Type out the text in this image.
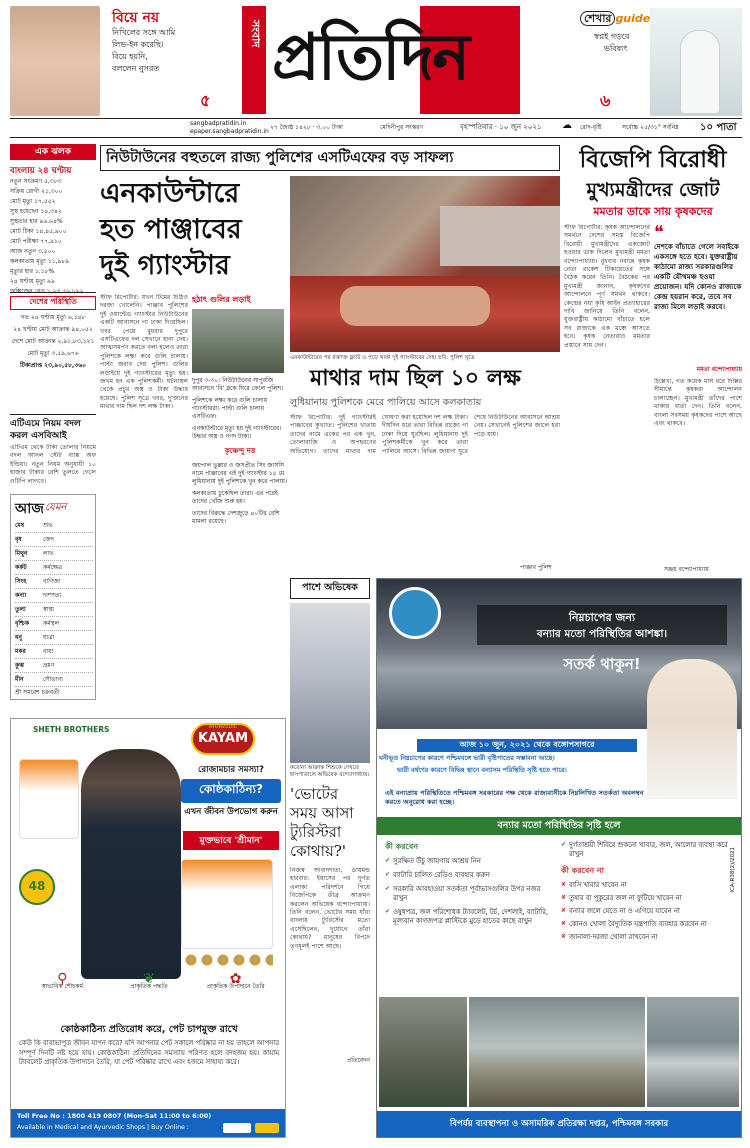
বিয়ে নয়
নিখিলের সঙ্গে আমি
লিভ-ইন করেছি।
বিয়ে হয়নি,
বললেন নুসরত
৫
সংবাদ প্রতিদিন
শেখার guide
স্বপ্নই গড়বে
ভবিষ্যৎ
৬
sangbadpratidin.in
epaper.sangbadpratidin.in
২৭ জ্যৈষ্ঠ ১৪২৮ · ৩.০০ টাকা	মেদিনীপুর সংস্করণ	বৃহস্পতিবার · ১০ জুন ২০২১ ☁ রোদ-বৃষ্টি	সর্বোচ্চ ২৫/৩১° সর্বনিম্ন ১০ পাতা
এক ঝলক
বাংলায় ২৪ ঘণ্টায়
নতুন সংক্রমণ ৫,৩৮৩
সক্রিয় রোগী ২১,৩০০
মোট মৃত্যু ১৭,৫৫২
সুস্থ হয়েছেন ১৪,৩৪২
সুস্থতার হার ৯৬.৬৪%
মোট টিকা ১৪,৪৫,৯০০
মোট পরীক্ষা ৭৭,৯১০
আজ নতুন ৩,৫০০
কলকাতায় মৃত্যু ১১,৯৮৯
মৃত্যুর হার ১.১৮%
২৪ ঘণ্টায় মৃত্যু ৯৯
দেশের পরিস্থিতি
গত ২৪ ঘণ্টায় মৃত্যু ৬,১৪৮
২৪ ঘণ্টায় মোট আক্রান্ত ৯৪,০৫২
দেশে মোট আক্রান্ত ২,৯১,৮৩,১২১
মোট মৃত্যু ৩,৫৯,৬৭৬
টিকাপ্রাপ্ত ২৩,৯০,৫৮,৩৬০
এটিএমে নিয়ম বদল করল এসবিআই
এটিএম থেকে টাকা তোলার নিয়মে বদল আনল স্টেট ব্যাঙ্ক অফ ইন্ডিয়া। নতুন নিয়ম অনুযায়ী ১০ হাজার টাকার বেশি তুলতে গেলে ওটিপি লাগবে।
আজ যেমন
মেষ	শুভ
বৃষ	জেদ
মিথুন	লাভ
কর্কট	কর্মক্ষেত্র
সিংহ	বাণিজ্য
কন্যা	দাম্পত্য
তুলা	স্বাস্থ্য
বৃশ্চিক	কর্মস্থল
ধনু	যাত্রা
মকর	বাধা
কুম্ভ	ভ্রমণ
মীন	সৌভাগ্য
শ্রী সমরেশ চক্রবর্তী
নিউটাউনের বহুতলে রাজ্য পুলিশের এসটিএফের বড় সাফল্য
এনকাউন্টারে
হত পাঞ্জাবের
দুই গ্যাংস্টার
স্টাফ রিপোর্টার: যখন টিমের চিঠিও দরজা খোলেনি। পাঞ্জাব পুলিশের দুই ওয়ান্টেড গ্যাংস্টার নিউটাউনের একটি আবাসনে গা ঢাকা দিয়েছিল। খবর পেয়ে বুধবার দুপুরে এসটিএফের দল সেখানে হানা দেয়। আত্মসমর্পণ করতে বলা হলেও তারা পুলিশকে লক্ষ্য করে গুলি চালায়। পাল্টা জবাব দেয় পুলিশ। গুলির লড়াইয়ে দুই গ্যাংস্টারের মৃত্যু হয়। জখম হন এক পুলিশকর্মী। ঘটনাস্থল থেকে প্রচুর অস্ত্র ও টাকা উদ্ধার হয়েছে। পুলিশ সূত্রে খবর, দু'জনের মাথার দাম ছিল দশ লক্ষ টাকা।
হঠাৎ গুলির লড়াই
দুপুর ৩-৩০: নিউটাউনের সাপুরজি আবাসনে 'বি' ব্লকে ঘিরে ফেলে পুলিশ।
পুলিশকে লক্ষ্য করে গুলি চালায় গ্যাংস্টাররা। পাল্টা গুলি চালায় এসটিএফ।
এনকাউন্টারে মৃত্যু হয় দুই গ্যাংস্টারের। উদ্ধার অস্ত্র ও নগদ টাকা।
কৃষ্ণেন্দু দত্ত
জয়পাল ভুল্লার ও জসপ্রীত সিং জাসসি নামে পাঞ্জাবের এই দুই গ্যাংস্টার ১৫ মে লুধিয়ানায় দুই পুলিশকে খুন করে পালায়।
কলকাতায় ঢুকেছিল তারা। এর পরেই তাদের খোঁজ শুরু হয়।
তাদের বিরুদ্ধে দেশজুড়ে ৪০টির বেশি মামলা রয়েছে।
এনকাউন্টারের পর রক্তাক্ত ফ্ল্যাট ও পড়ে থাকা দুই গ্যাংস্টারের দেহ। ছবি: পুলিশ সূত্রে
মাথার দাম ছিল ১০ লক্ষ
লুধিয়ানায় পুলিশকে মেরে পালিয়ে আসে কলকাতায়
স্টাফ রিপোর্টার: দুই গ্যাংস্টারই পাঞ্জাবের কুখ্যাত। পুলিশের খাতায় তাদের নামে একের পর এক খুন, তোলাবাজি ও অপহরণের অভিযোগ। তাদের মাথার দাম ঘোষণা করা হয়েছিল দশ লক্ষ টাকা। দীর্ঘদিন ধরে তারা বিভিন্ন রাজ্যে গা ঢাকা দিয়ে ঘুরছিল। লুধিয়ানায় দুই পুলিশকর্মীকে খুন করে তারা পালিয়ে আসে। বিভিন্ন জায়গা ঘুরে শেষে নিউটাউনের আবাসনে আশ্রয় নেয়। সেখানেই পুলিশের জালে ধরা পড়ে যায়।
পাঞ্জাব পুলিশ
বিজেপি বিরোধী
মুখ্যমন্ত্রীদের জোট
মমতার ডাকে সায় কৃষকদের
স্টাফ রিপোর্টার: কৃষক আন্দোলনের সমর্থনে দেশের সমস্ত বিজেপি বিরোধী মুখ্যমন্ত্রীদের একজোট হওয়ার ডাক দিলেন মুখ্যমন্ত্রী মমতা বন্দ্যোপাধ্যায়। বুধবার নবান্নে কৃষক নেতা রাকেশ টিকায়েতের সঙ্গে বৈঠক করেন তিনি। বৈঠকের পর মুখ্যমন্ত্রী জানান, কৃষকদের আন্দোলনে পূর্ণ সমর্থন থাকবে। কেন্দ্রের নয়া কৃষি আইন প্রত্যাহারের দাবি জানিয়ে তিনি বলেন, যুক্তরাষ্ট্রীয় কাঠামো বাঁচাতে হলে সব রাজ্যকে এক মঞ্চে আসতে হবে। কৃষক নেতারাও মমতার প্রস্তাবে সায় দেন।
❝
দেশকে বাঁচাতে গেলে সবাইকে একসঙ্গে হতে হবে। যুক্তরাষ্ট্রীয় কাঠামো রাজ্য সরকারগুলির একটি যৌথমঞ্চ হওয়া প্রয়োজন। যদি কোনও রাজ্যকে কেন্দ্র হয়রান করে, তবে সব রাজ্য মিলে লড়াই করবে।
মমতা বন্দ্যোপাধ্যায়
উল্লেখ্য, গত কয়েক মাস ধরে দিল্লির সীমান্তে কৃষকরা আন্দোলন চালাচ্ছেন। মুখ্যমন্ত্রী তাঁদের পাশে থাকার বার্তা দেন। তিনি বলেন, বাংলা সবসময় কৃষকদের পাশে আছে এবং থাকবে।
সঞ্জয় বন্দ্যোপাধ্যায়
পাশে অভিষেক
করোনা আক্রান্ত শিশুকে দেখতে হাসপাতালে অভিষেক বন্দ্যোপাধ্যায়।
'ভোটের সময় আসা ট্যুরিস্টরা কোথায়?'
নিজস্ব সংবাদদাতা, ডায়মন্ড হারবার: ইয়াসের পর দুর্গত এলাকা পরিদর্শনে গিয়ে বিজেপিকে তীব্র আক্রমণ করলেন অভিষেক বন্দ্যোপাধ্যায়। তিনি বলেন, ভোটের সময় যাঁরা বাংলায় ট্যুরিস্টের মতো এসেছিলেন, দুর্যোগে তাঁরা কোথায়? মানুষের বিপদে তৃণমূলই পাশে আছে।
প্রতিবেদন
SHETH BROTHERS	AYURVEDIC
KAYAM
রোজামচার সমস্যা?
কোষ্ঠকাঠিন্য?
এখন জীবন উপভোগ করুন
মুক্তভাবে 'শ্রীমান'
48
⚲
স্বাভাবিক শৌচকর্ম	❦
প্রাকৃতিক পদ্ধতি	✿
প্রাকৃতিক উপাদানে তৈরি
কোষ্ঠকাঠিন্য প্রতিরোধ করে, পেট চাপমুক্ত রাখে
কেউ কি বাবাভাপুত্র জীবন যাপন করে? যদি আপনার পেট সকালে পরিষ্কার না হয় তাহলে আপনার সম্পূর্ণ দিনটি নষ্ট হয়ে যায়। কোষ্ঠকাঠিন্য প্রতিদিনের সমস্যায় পরিণত হলে বদহজম হয়। কায়াম ট্যাবলেট প্রাকৃতিক উপাদানে তৈরি, যা পেট পরিষ্কার রাখে এবং হজমে সাহায্য করে।
Toll Free No : 1800 419 0807 (Mon-Sat 11:00 to 6:00)
Available in Medical and Ayurvedic Shops | Buy Online :
নিম্নচাপের জন্য
বন্যার মতো পরিস্থিতির আশঙ্কা।
সতর্ক থাকুন!
আজ ১০ জুন, ২০২১ থেকে বঙ্গোপসাগরে
ঘনীভূত নিম্নচাপের কারণে পশ্চিমবঙ্গে ভারী বৃষ্টিপাতের সম্ভাবনা আছে।
ভারী বর্ষণের কারণে বিভিন্ন স্থানে বন্যাসম পরিস্থিতি সৃষ্টি হতে পারে।
এই বন্যাপ্রায় পরিস্থিতিতে পশ্চিমবঙ্গ সরকারের পক্ষ থেকে রাজ্যবাসীকে নিম্নলিখিত সতর্কতা অবলম্বন করতে অনুরোধ করা হচ্ছে।
বন্যার মতো পরিস্থিতির সৃষ্টি হলে
কী করবেন
✔ সুরক্ষিত উঁচু জায়গায় আশ্রয় নিন
✔ ব্যাটারি চালিত রেডিও ব্যবহার করুন
✔ সরকারি আবহাওয়া সতর্কতা পূর্বাভাসগুলির উপর নজর রাখুন
✔ ওষুধপত্র, জল পরিশোধক ট্যাবলেট, টর্চ, দেশলাই, ব্যাটারি, মূল্যবান কাগজপত্র প্লাস্টিকে মুড়ে হাতের কাছে রাখুন
✔ দুর্গতাশ্রয়ী শিবিরে শুকনো খাবার, জল, আলোর ব্যবস্থা করে রাখুন
কী করবেন না
✘ বাসি খাবার খাবেন না
✘ তুষার বা পুকুরের জল না ফুটিয়ে খাবেন না
✘ বন্যার জলে যেতে না ও এগিয়ে যাবেন না
✘ কোনও খোলা বৈদ্যুতিক যন্ত্রপাতি ব্যবহার করবেন না
✘ জানালা-দরজা খোলা রাখবেন না
ICA-R38(2)/2021
বিপর্যয় ব্যবস্থাপনা ও অসামরিক প্রতিরক্ষা দপ্তর, পশ্চিমবঙ্গ সরকার
